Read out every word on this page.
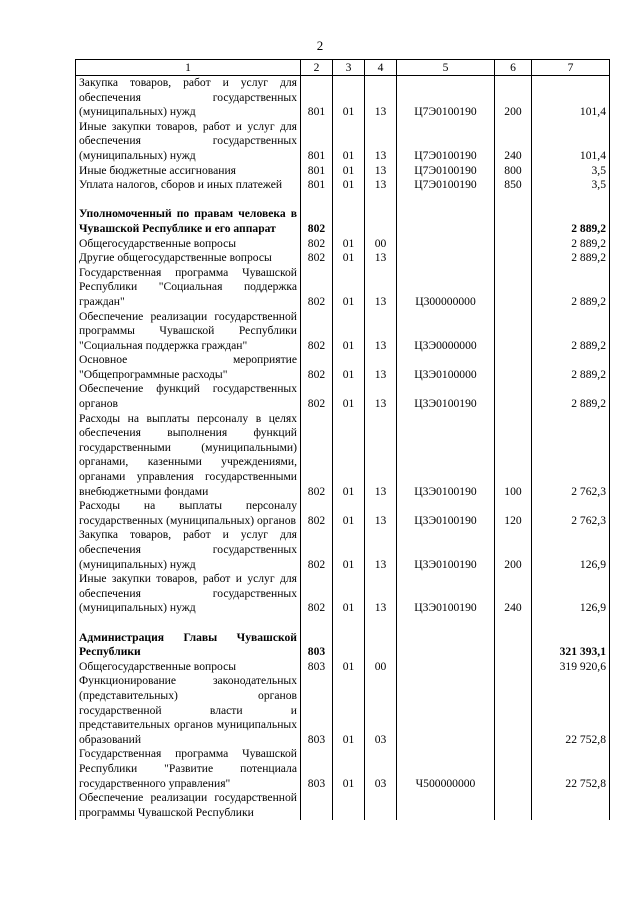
2
1	2	3	4	5	6	7
Закупка товаров, работ и услуг для обеспечения государственных (муниципальных) нужд	801	01	13	Ц7Э0100190	200	101,4
Иные закупки товаров, работ и услуг для обеспечения государственных (муниципальных) нужд	801	01	13	Ц7Э0100190	240	101,4
Иные бюджетные ассигнования	801	01	13	Ц7Э0100190	800	3,5
Уплата налогов, сборов и иных платежей	801	01	13	Ц7Э0100190	850	3,5

Уполномоченный по правам человека в Чувашской Республике и его аппарат	802					2 889,2
Общегосударственные вопросы	802	01	00			2 889,2
Другие общегосударственные вопросы	802	01	13			2 889,2
Государственная программа Чувашской Республики "Социальная поддержка граждан"	802	01	13	Ц300000000		2 889,2
Обеспечение реализации государственной программы Чувашской Республики "Социальная поддержка граждан"	802	01	13	Ц3Э0000000		2 889,2
Основное мероприятие "Общепрограммные расходы"	802	01	13	Ц3Э0100000		2 889,2
Обеспечение функций государственных органов	802	01	13	Ц3Э0100190		2 889,2
Расходы на выплаты персоналу в целях обеспечения выполнения функций государственными (муниципальными) органами, казенными учреждениями, органами управления государственными внебюджетными фондами	802	01	13	Ц3Э0100190	100	2 762,3
Расходы на выплаты персоналу государственных (муниципальных) органов	802	01	13	Ц3Э0100190	120	2 762,3
Закупка товаров, работ и услуг для обеспечения государственных (муниципальных) нужд	802	01	13	Ц3Э0100190	200	126,9
Иные закупки товаров, работ и услуг для обеспечения государственных (муниципальных) нужд	802	01	13	Ц3Э0100190	240	126,9

Администрация Главы Чувашской Республики	803					321 393,1
Общегосударственные вопросы	803	01	00			319 920,6
Функционирование законодательных (представительных) органов государственной власти и представительных органов муниципальных образований	803	01	03			22 752,8
Государственная программа Чувашской Республики "Развитие потенциала государственного управления"	803	01	03	Ч500000000		22 752,8
Обеспечение реализации государственной программы Чувашской Республики						
